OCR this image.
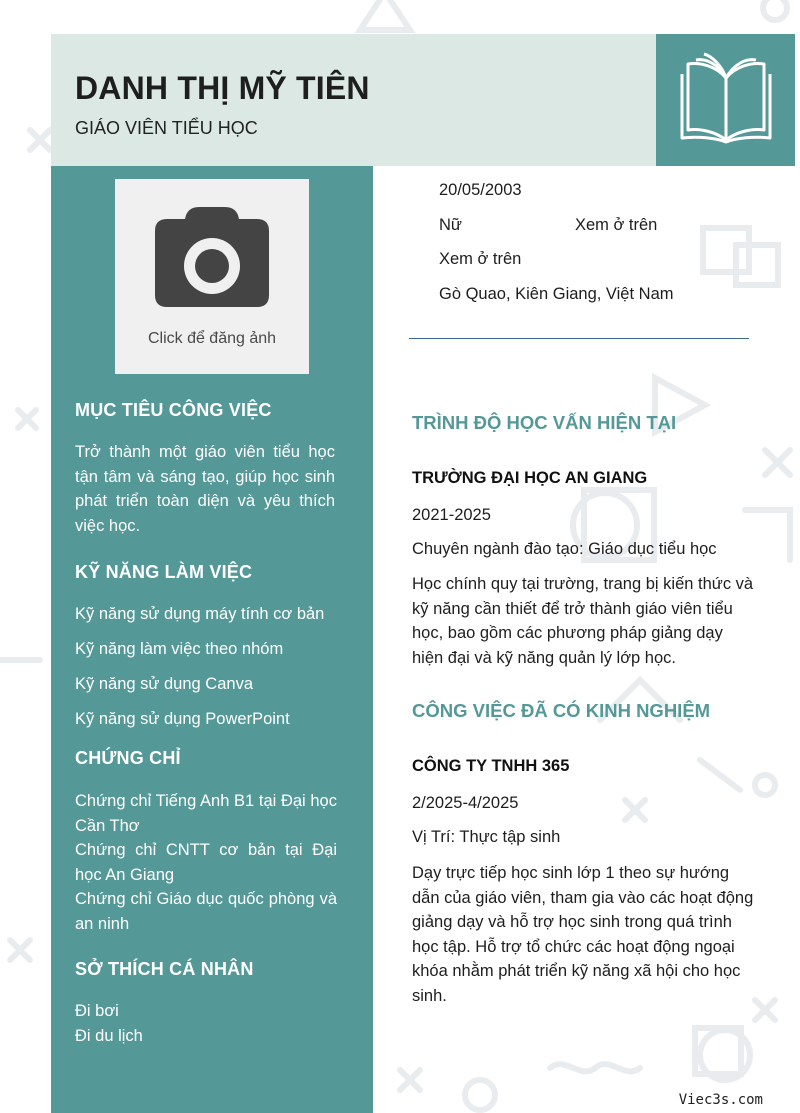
DANH THỊ MỸ TIÊN
GIÁO VIÊN TIỂU HỌC
Click để đăng ảnh
MỤC TIÊU CÔNG VIỆC
Trở thành một giáo viên tiểu học tận tâm và sáng tạo, giúp học sinh phát triển toàn diện và yêu thích việc học.
KỸ NĂNG LÀM VIỆC
Kỹ năng sử dụng máy tính cơ bản
Kỹ năng làm việc theo nhóm
Kỹ năng sử dụng Canva
Kỹ năng sử dụng PowerPoint
CHỨNG CHỈ
Chứng chỉ Tiếng Anh B1 tại Đại học Cần Thơ
Chứng chỉ CNTT cơ bản tại Đại học An Giang
Chứng chỉ Giáo dục quốc phòng và an ninh
SỞ THÍCH CÁ NHÂN
Đi bơi
Đi du lịch
20/05/2003
Nữ	Xem ở trên
Xem ở trên
Gò Quao, Kiên Giang, Việt Nam
TRÌNH ĐỘ HỌC VẤN HIỆN TẠI
TRƯỜNG ĐẠI HỌC AN GIANG
2021-2025
Chuyên ngành đào tạo: Giáo dục tiểu học
Học chính quy tại trường, trang bị kiến thức và kỹ năng cần thiết để trở thành giáo viên tiểu học, bao gồm các phương pháp giảng dạy hiện đại và kỹ năng quản lý lớp học.
CÔNG VIỆC ĐÃ CÓ KINH NGHIỆM
CÔNG TY TNHH 365
2/2025-4/2025
Vị Trí: Thực tập sinh
Dạy trực tiếp học sinh lớp 1 theo sự hướng dẫn của giáo viên, tham gia vào các hoạt động giảng dạy và hỗ trợ học sinh trong quá trình học tập. Hỗ trợ tổ chức các hoạt động ngoại khóa nhằm phát triển kỹ năng xã hội cho học sinh.
Viec3s.com
